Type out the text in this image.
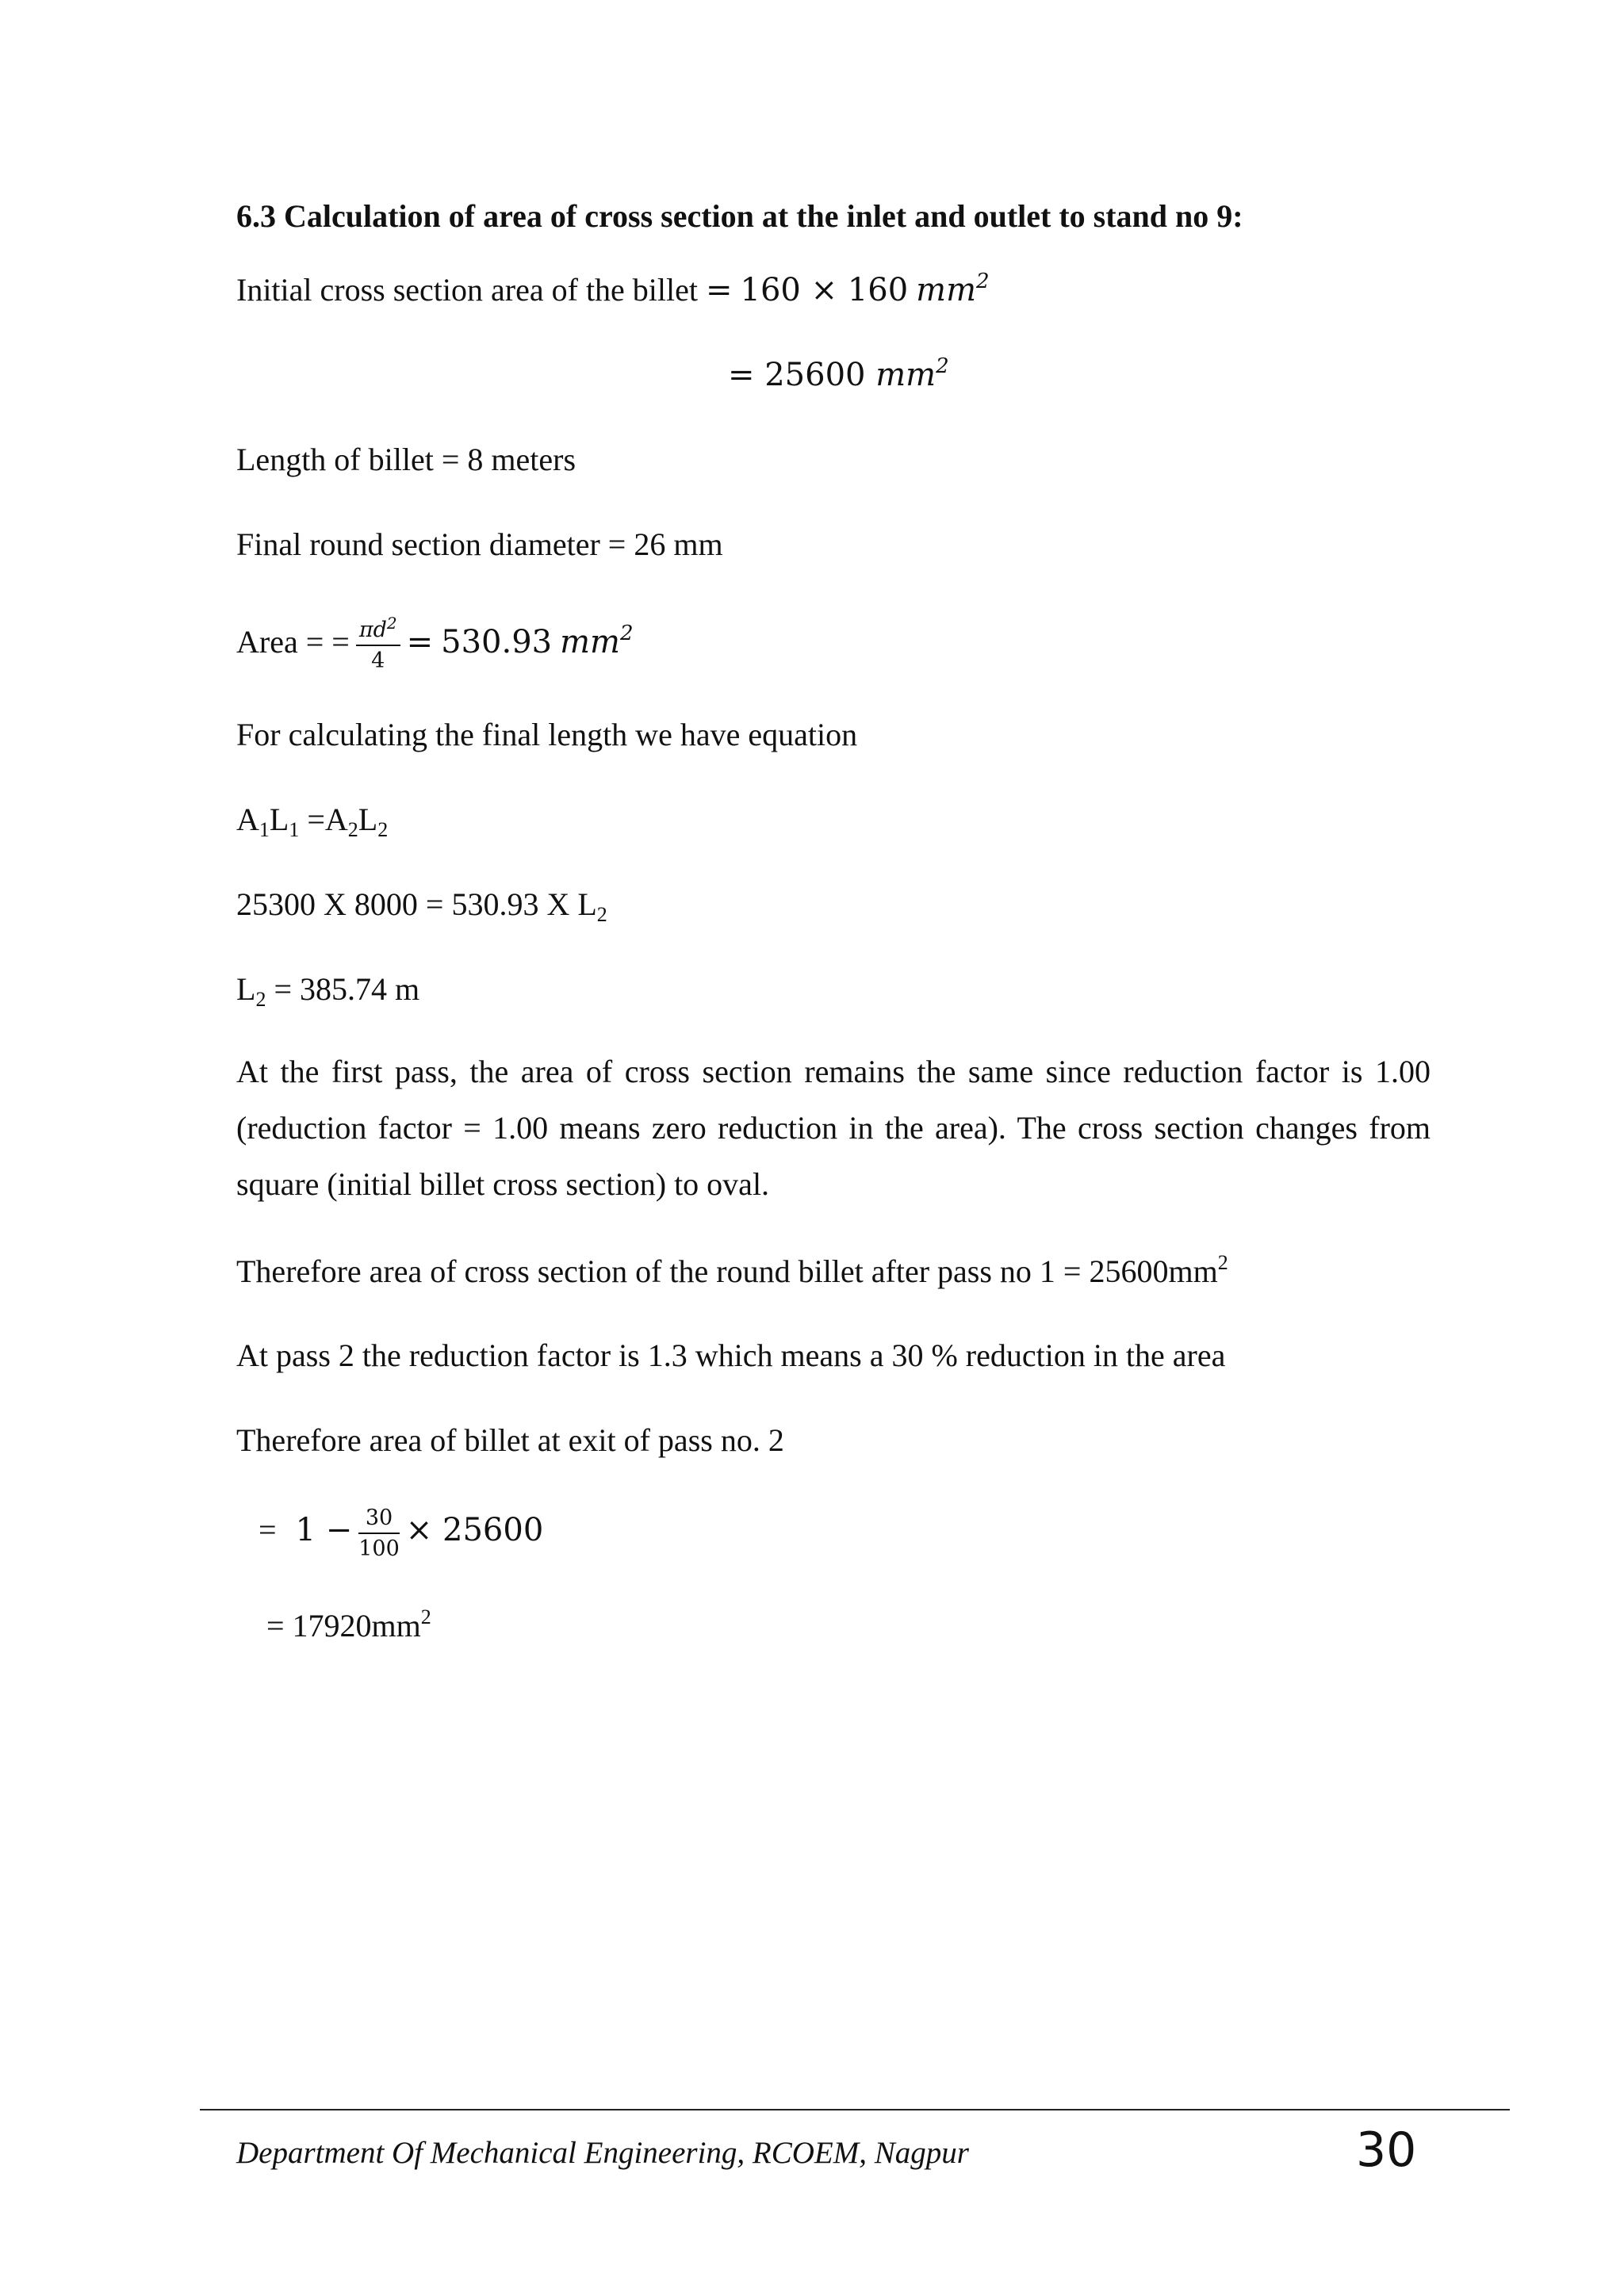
6.3 Calculation of area of cross section at the inlet and outlet to stand no 9:
Initial cross section area of the billet = 160 × 160 $mm^2$
= 25600 $mm^2$
Length of billet = 8 meters
Final round section diameter = 26 mm
Area = = $\frac{\pi d^2}{4} = 530.93$ $mm^2$
For calculating the final length we have equation
$A_1L_1 =A_2L_2$
25300 X 8000 = 530.93 X $L_2$
$L_2 = 385.74$ m
At the first pass, the area of cross section remains the same since reduction factor is 1.00 (reduction factor = 1.00 means zero reduction in the area). The cross section changes from square (initial billet cross section) to oval.
Therefore area of cross section of the round billet after pass no $1 = 25600mm^2$
At pass 2 the reduction factor is 1.3 which means a 30 % reduction in the area
Therefore area of billet at exit of pass no. 2
= $1 - \frac{30}{100} \times 25600$
= $17920mm^2$
Department Of Mechanical Engineering, RCOEM, Nagpur	30
